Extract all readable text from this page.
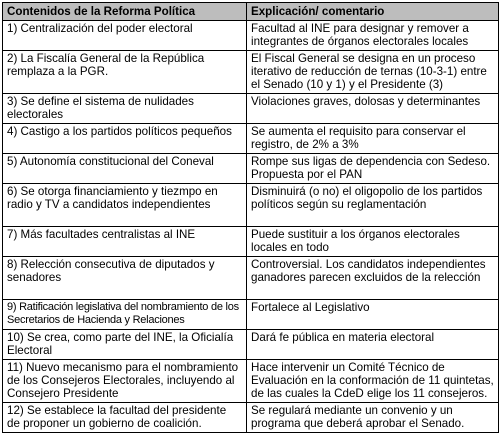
Contenidos de la Reforma Política	Explicación/ comentario
1) Centralización del poder electoral	Facultad al INE para designar y remover a integrantes de órganos electorales locales
2) La Fiscalía General de la República remplaza a la PGR.	El Fiscal General se designa en un proceso iterativo de reducción de ternas (10-3-1) entre el Senado (10 y 1) y el Presidente (3)
3) Se define el sistema de nulidades electorales	Violaciones graves, dolosas y determinantes
4) Castigo a los partidos políticos pequeños	Se aumenta el requisito para conservar el registro, de 2% a 3%
5) Autonomía constitucional del Coneval	Rompe sus ligas de dependencia con Sedeso. Propuesta por el PAN
6) Se otorga financiamiento y tiezmpo en radio y TV a candidatos independientes	Disminuirá (o no) el oligopolio de los partidos políticos según su reglamentación
7) Más facultades centralistas al INE	Puede sustituir a los órganos electorales locales en todo
8) Relección consecutiva de diputados y senadores	Controversial. Los candidatos independientes ganadores parecen excluidos de la relección
9) Ratificación legislativa del nombramiento de los Secretarios de Hacienda y Relaciones	Fortalece al Legislativo
10) Se crea, como parte del INE, la Oficialía Electoral	Dará fe pública en materia electoral
11) Nuevo mecanismo para el nombramiento de los Consejeros Electorales, incluyendo al Consejero Presidente	Hace intervenir un Comité Técnico de Evaluación en la conformación de 11 quintetas, de las cuales la CdeD elige los 11 consejeros.
12) Se establece la facultad del presidente de proponer un gobierno de coalición.	Se regulará mediante un convenio y un programa que deberá aprobar el Senado.
